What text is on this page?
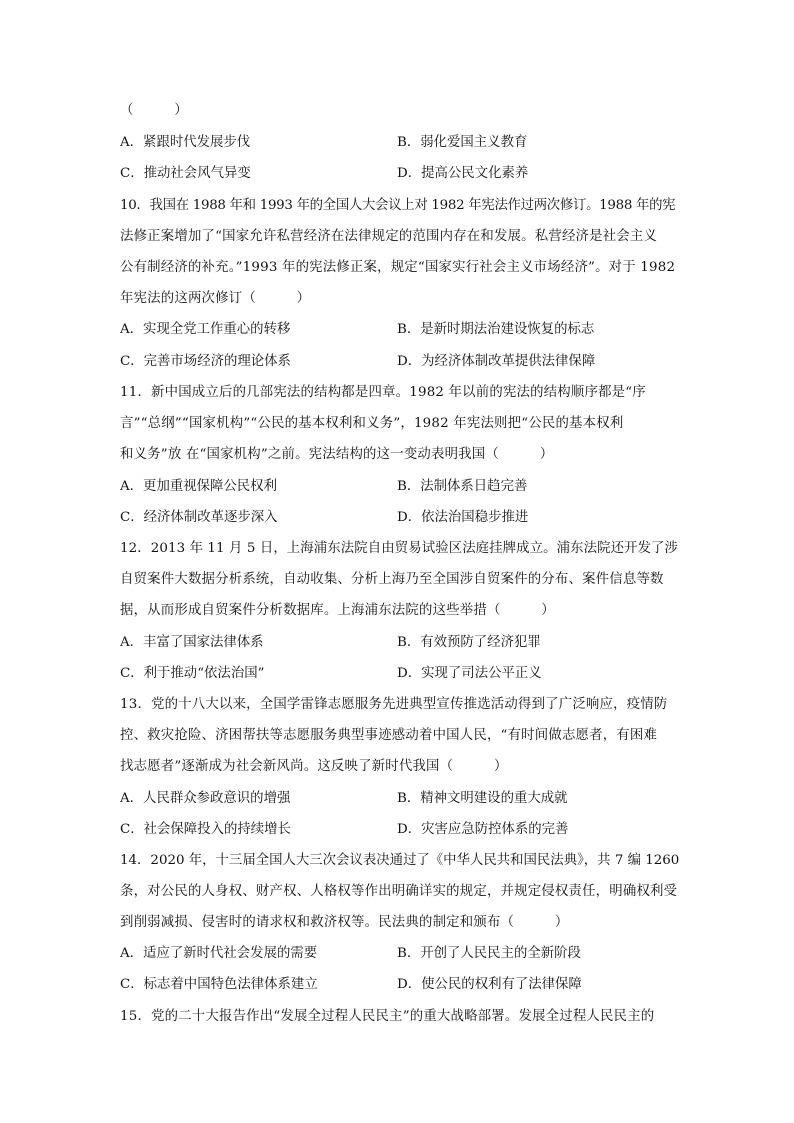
（　　　）
A．紧跟时代发展步伐	B．弱化爱国主义教育
C．推动社会风气异变	D．提高公民文化素养
10．我国在 1988 年和 1993 年的全国人大会议上对 1982 年宪法作过两次修订。1988 年的宪
法修正案增加了“国家允许私营经济在法律规定的范围内存在和发展。私营经济是社会主义
公有制经济的补充。”1993 年的宪法修正案，规定“国家实行社会主义市场经济”。对于 1982
年宪法的这两次修订（　　　）
A．实现全党工作重心的转移	B．是新时期法治建设恢复的标志
C．完善市场经济的理论体系	D．为经济体制改革提供法律保障
11．新中国成立后的几部宪法的结构都是四章。1982 年以前的宪法的结构顺序都是“序
言”“总纲”“国家机构”“公民的基本权利和义务”，1982 年宪法则把“公民的基本权利
和义务”放 在“国家机构”之前。宪法结构的这一变动表明我国（　　　）
A．更加重视保障公民权利	B．法制体系日趋完善
C．经济体制改革逐步深入	D．依法治国稳步推进
12．2013 年 11 月 5 日，上海浦东法院自由贸易试验区法庭挂牌成立。浦东法院还开发了涉
自贸案件大数据分析系统，自动收集、分析上海乃至全国涉自贸案件的分布、案件信息等数
据，从而形成自贸案件分析数据库。上海浦东法院的这些举措（　　　）
A．丰富了国家法律体系	B．有效预防了经济犯罪
C．利于推动“依法治国”	D．实现了司法公平正义
13．党的十八大以来，全国学雷锋志愿服务先进典型宣传推选活动得到了广泛响应，疫情防
控、救灾抢险、济困帮扶等志愿服务典型事迹感动着中国人民，“有时间做志愿者，有困难
找志愿者”逐渐成为社会新风尚。这反映了新时代我国（　　　）
A．人民群众参政意识的增强	B．精神文明建设的重大成就
C．社会保障投入的持续增长	D．灾害应急防控体系的完善
14．2020 年，十三届全国人大三次会议表决通过了《中华人民共和国民法典》，共 7 编 1260
条，对公民的人身权、财产权、人格权等作出明确详实的规定，并规定侵权责任，明确权利受
到削弱减损、侵害时的请求权和救济权等。民法典的制定和颁布（　　　）
A．适应了新时代社会发展的需要	B．开创了人民民主的全新阶段
C．标志着中国特色法律体系建立	D．使公民的权利有了法律保障
15．党的二十大报告作出“发展全过程人民民主”的重大战略部署。发展全过程人民民主的
